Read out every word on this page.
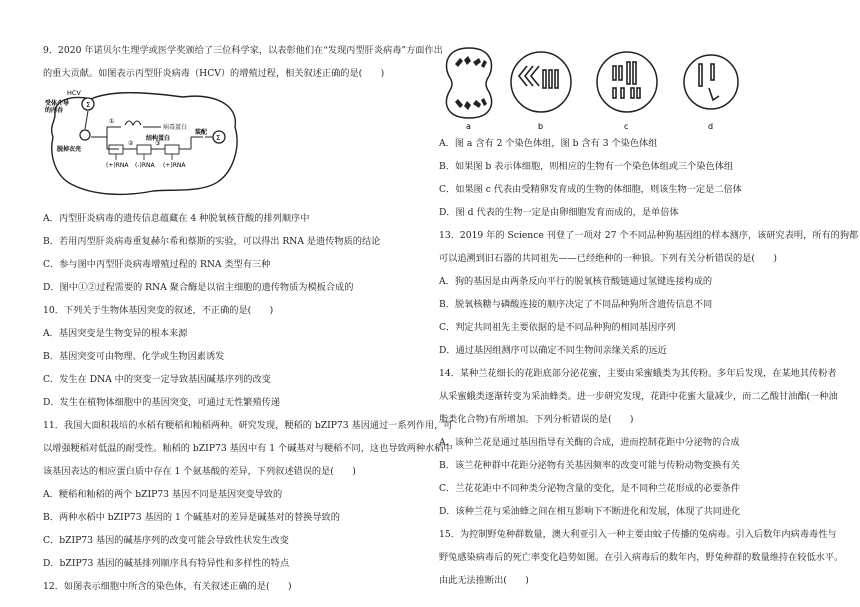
9．2020 年诺贝尔生理学或医学奖颁给了三位科学家，以表彰他们在“发现丙型肝炎病毒”方面作出
的重大贡献。如图表示丙型肝炎病毒（HCV）的增殖过程，相关叙述正确的是(　　)
Σ
HCV
受体介导
的内吞
脱掉衣壳
②	③
病毒蛋白
①
结构蛋白
装配
Σ
(+)RNA (-)RNA (+)RNA
A．丙型肝炎病毒的遗传信息蕴藏在 4 种脱氧核苷酸的排列顺序中
B．若用丙型肝炎病毒重复赫尔希和蔡斯的实验，可以得出 RNA 是遗传物质的结论
C．参与图中丙型肝炎病毒增殖过程的 RNA 类型有三种
D．图中①②过程需要的 RNA 聚合酶是以宿主细胞的遗传物质为模板合成的
10．下列关于生物体基因突变的叙述，不正确的是(　　)
A．基因突变是生物变异的根本来源
B．基因突变可由物理、化学或生物因素诱发
C．发生在 DNA 中的突变一定导致基因碱基序列的改变
D．发生在植物体细胞中的基因突变，可通过无性繁殖传递
11．我国大面积栽培的水稻有粳稻和籼稻两种。研究发现，粳稻的 bZIP73 基因通过一系列作用，可
以增强粳稻对低温的耐受性。籼稻的 bZIP73 基因中有 1 个碱基对与粳稻不同，这也导致两种水稻中
该基因表达的相应蛋白质中存在 1 个氨基酸的差异，下列叙述错误的是(　　)
A．粳稻和籼稻的两个 bZIP73 基因不同是基因突变导致的
B．两种水稻中 bZIP73 基因的 1 个碱基对的差异是碱基对的替换导致的
C．bZIP73 基因的碱基序列的改变可能会导致性状发生改变
D．bZIP73 基因的碱基排列顺序具有特异性和多样性的特点
12．如图表示细胞中所含的染色体，有关叙述正确的是(　　)
a	b	c	d
A．图 a 含有 2 个染色体组，图 b 含有 3 个染色体组
B．如果图 b 表示体细胞，则相应的生物有一个染色体组或三个染色体组
C．如果图 c 代表由受精卵发育成的生物的体细胞，则该生物一定是二倍体
D．图 d 代表的生物一定是由卵细胞发育而成的，是单倍体
13．2019 年的 Science 刊登了一项对 27 个不同品种狗基因组的样本测序，该研究表明，所有的狗都
可以追溯到旧石器的共同祖先——已经绝种的一种狼。下列有关分析错误的是(　　)
A．狗的基因是由两条反向平行的脱氧核苷酸链通过氢键连接构成的
B．脱氧核糖与磷酸连接的顺序决定了不同品种狗所含遗传信息不同
C．判定共同祖先主要依据的是不同品种狗的相同基因序列
D．通过基因组测序可以确定不同生物间亲缘关系的远近
14．某种兰花细长的花距底部分泌花蜜，主要由采蜜蛾类为其传粉。多年后发现，在某地其传粉者
从采蜜蛾类逐渐转变为采油蜂类。进一步研究发现，花距中花蜜大量减少，而二乙酸甘油酯(一种油
脂类化合物)有所增加。下列分析错误的是(　　)
A．该种兰花是通过基因指导有关酶的合成，进而控制花距中分泌物的合成
B．该兰花种群中花距分泌物有关基因频率的改变可能与传粉动物变换有关
C．兰花花距中不同种类分泌物含量的变化，是不同种兰花形成的必要条件
D．该种兰花与采油蜂之间在相互影响下不断进化和发展，体现了共同进化
15．为控制野兔种群数量，澳大利亚引入一种主要由蚊子传播的兔病毒。引入后数年内病毒毒性与
野兔感染病毒后的死亡率变化趋势如图。在引入病毒后的数年内，野兔种群的数量维持在较低水平。
由此无法推断出(　　)
